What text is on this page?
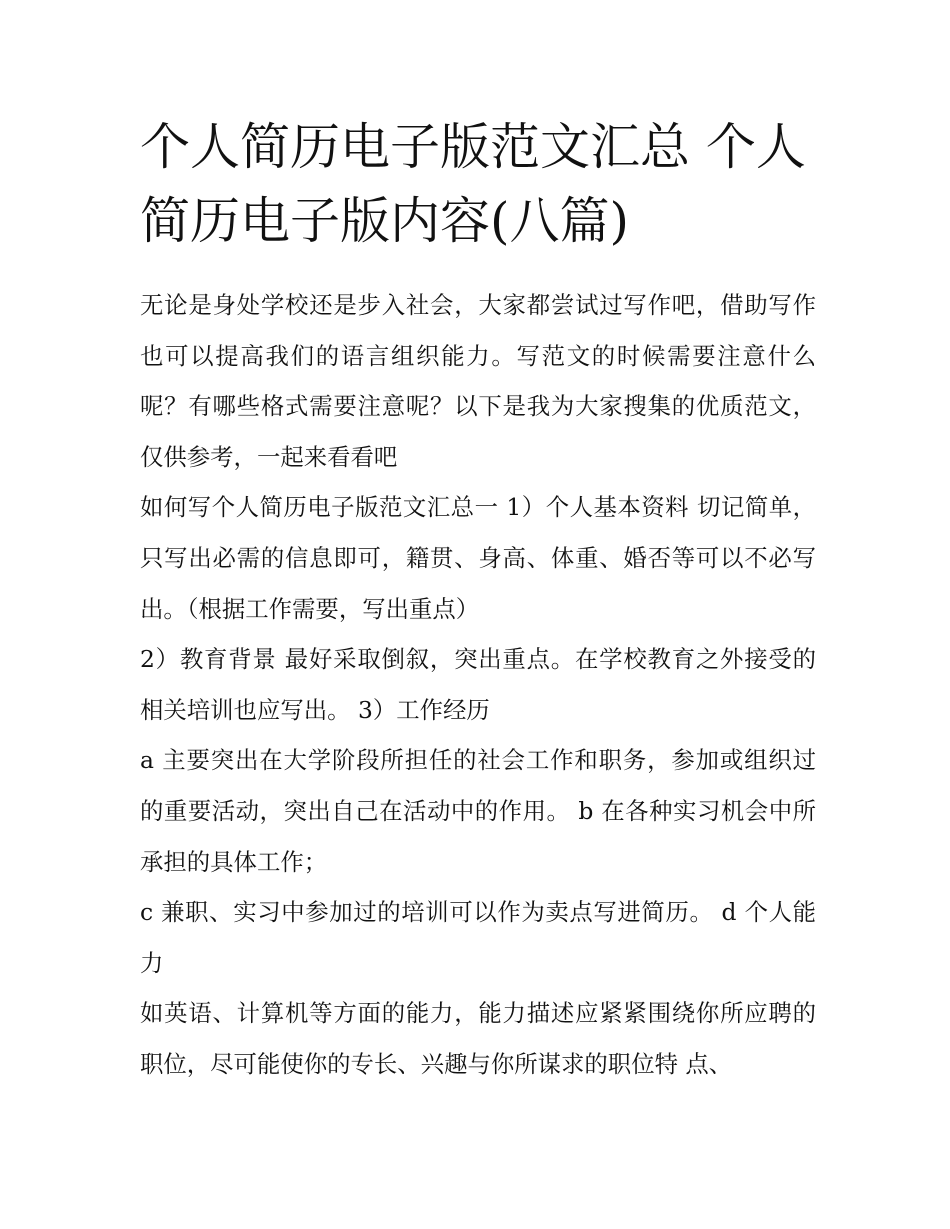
个人简历电子版范文汇总 个人简历电子版内容(八篇)

无论是身处学校还是步入社会，大家都尝试过写作吧，借助写作也可以提高我们的语言组织能力。写范文的时候需要注意什么呢？有哪些格式需要注意呢？以下是我为大家搜集的优质范文，仅供参考，一起来看看吧

如何写个人简历电子版范文汇总一 1）个人基本资料 切记简单，只写出必需的信息即可，籍贯、身高、体重、婚否等可以不必写出。（根据工作需要，写出重点）

2）教育背景 最好采取倒叙，突出重点。在学校教育之外接受的相关培训也应写出。 3）工作经历

a 主要突出在大学阶段所担任的社会工作和职务，参加或组织过的重要活动，突出自己在活动中的作用。 b 在各种实习机会中所承担的具体工作；

c 兼职、实习中参加过的培训可以作为卖点写进简历。 d 个人能力

如英语、计算机等方面的能力，能力描述应紧紧围绕你所应聘的职位，尽可能使你的专长、兴趣与你所谋求的职位特 点、
